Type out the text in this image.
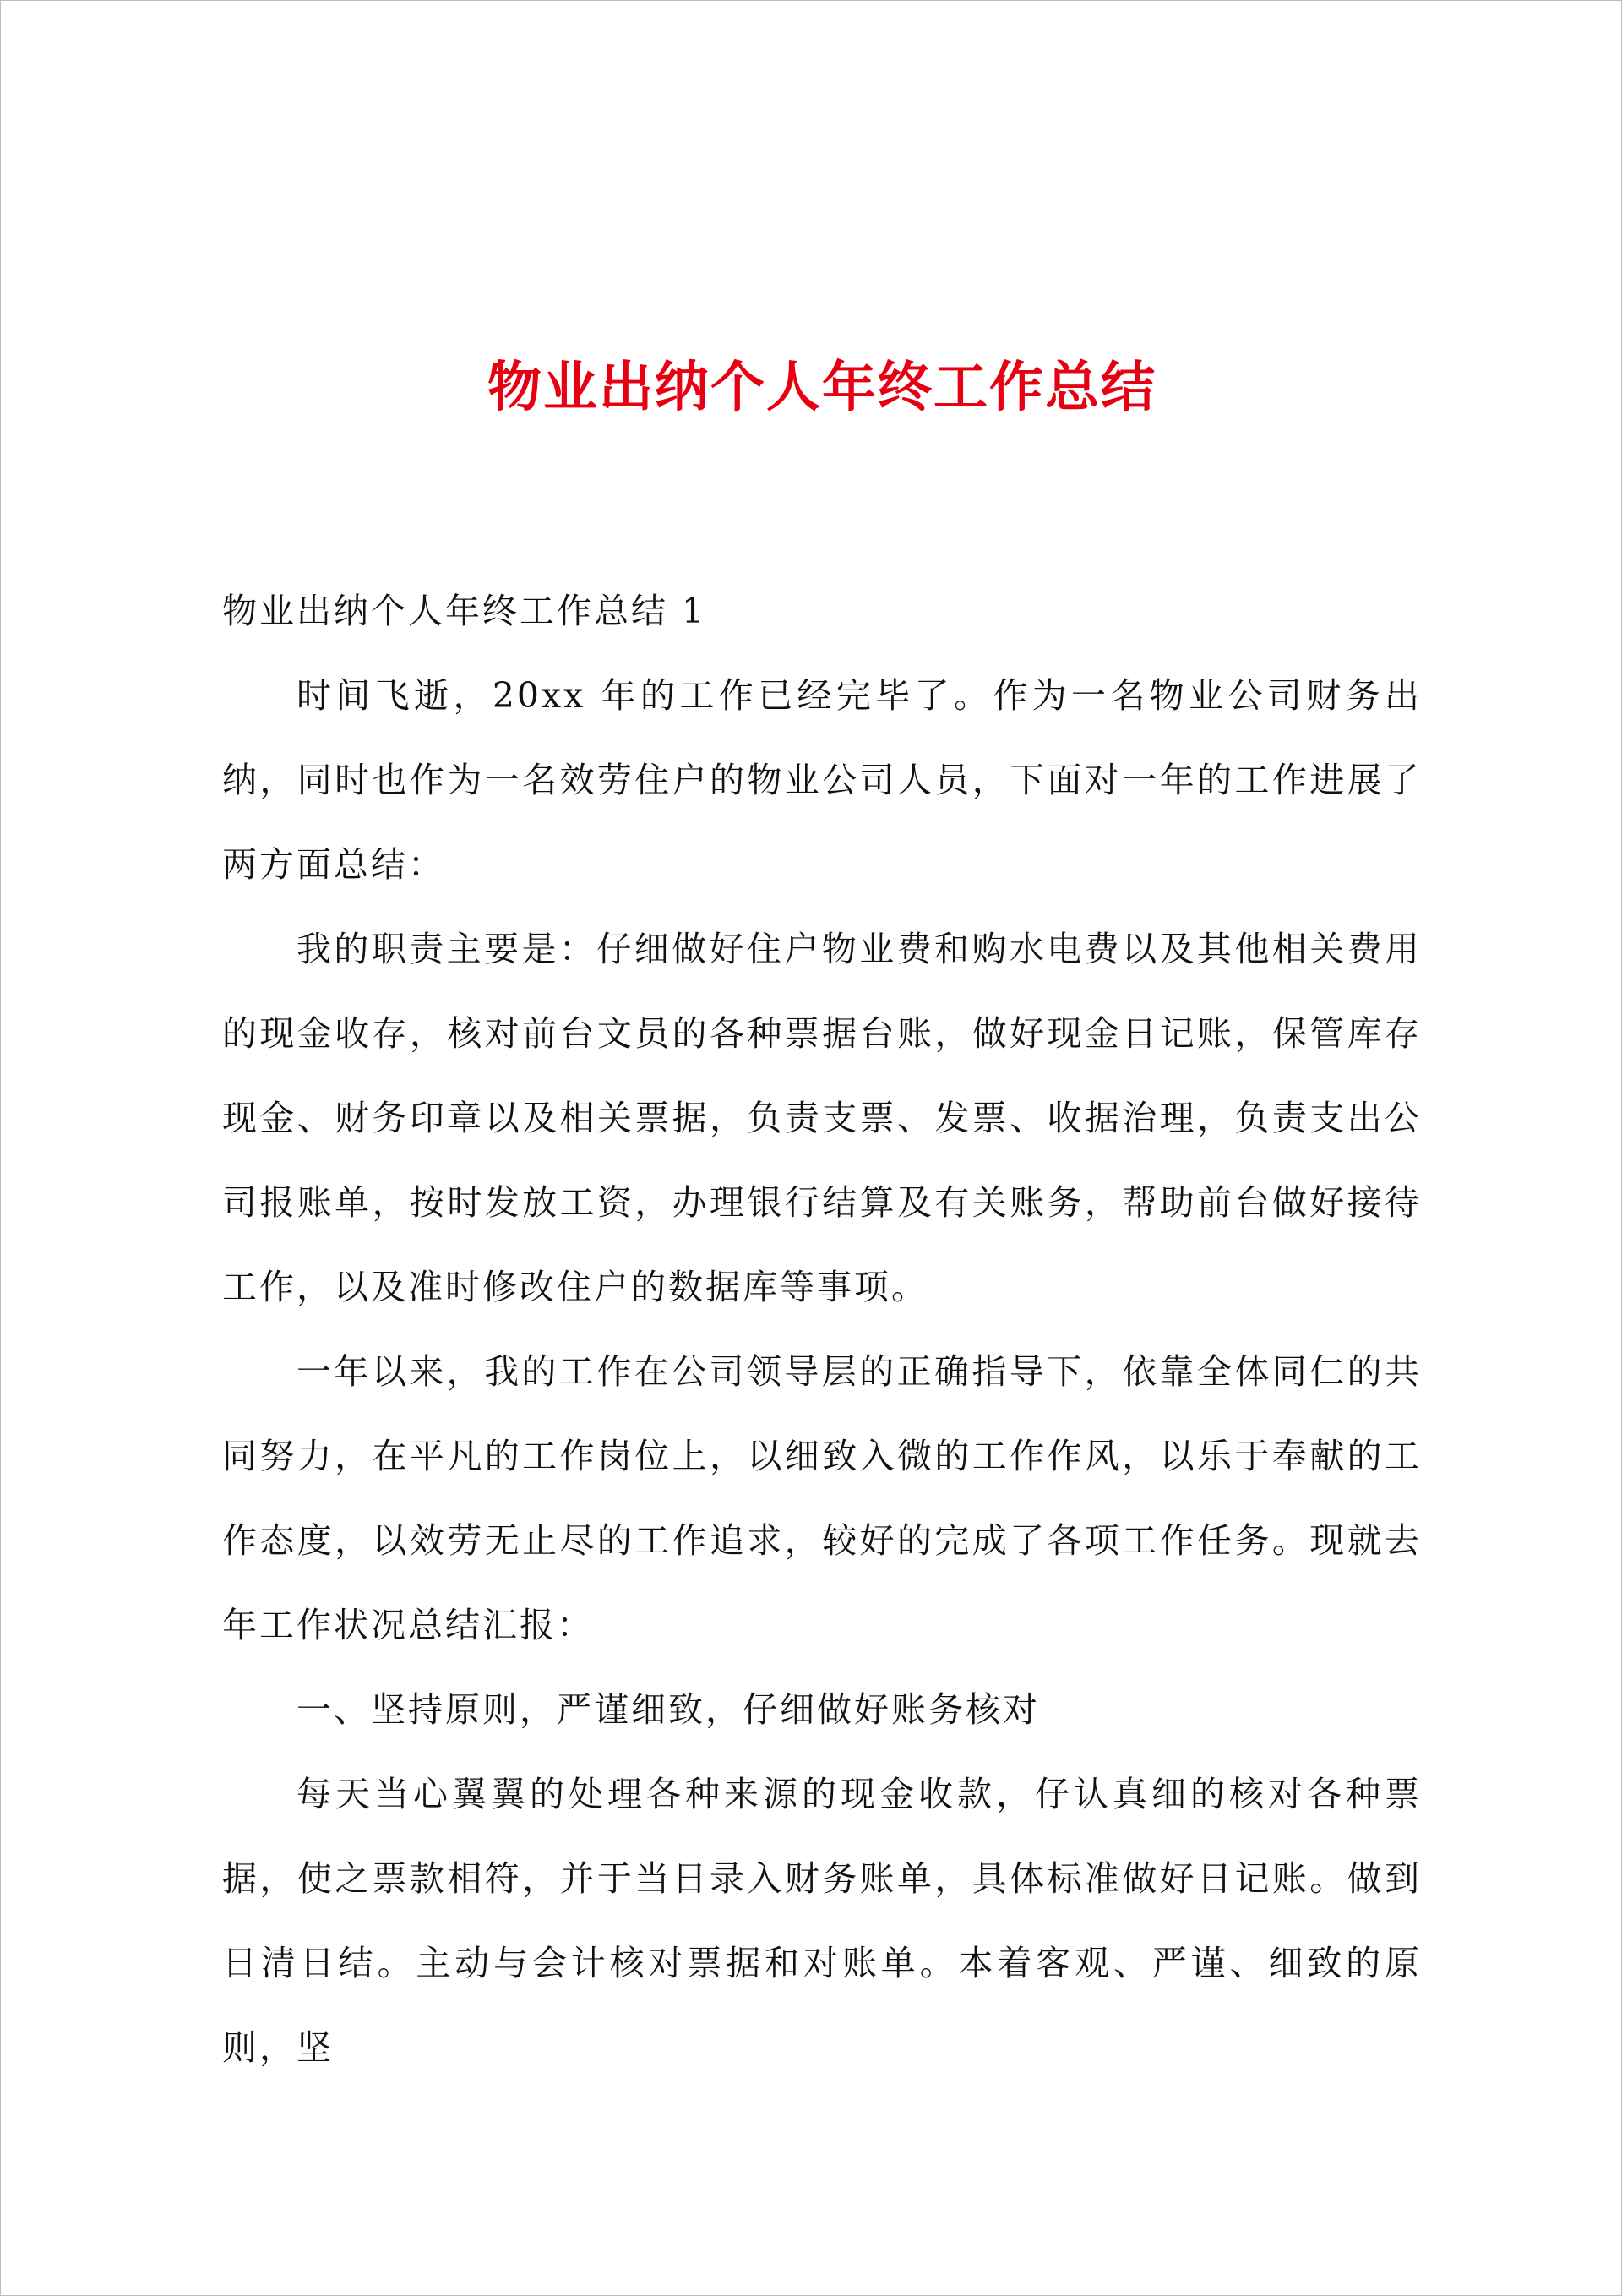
物业出纳个人年终工作总结

物业出纳个人年终工作总结 1

时间飞逝，20xx 年的工作已经完毕了。作为一名物业公司财务出纳，同时也作为一名效劳住户的物业公司人员，下面对一年的工作进展了两方面总结：

我的职责主要是：仔细做好住户物业费和购水电费以及其他相关费用的现金收存，核对前台文员的各种票据台账，做好现金日记账，保管库存现金、财务印章以及相关票据，负责支票、发票、收据治理，负责支出公司报账单，按时发放工资，办理银行结算及有关账务，帮助前台做好接待工作，以及准时修改住户的数据库等事项。

一年以来，我的工作在公司领导层的正确指导下，依靠全体同仁的共同努力，在平凡的工作岗位上，以细致入微的工作作风，以乐于奉献的工作态度，以效劳无止尽的工作追求，较好的完成了各项工作任务。现就去年工作状况总结汇报：

一、坚持原则，严谨细致，仔细做好账务核对

每天当心翼翼的处理各种来源的现金收款，仔认真细的核对各种票据，使之票款相符，并于当日录入财务账单，具体标准做好日记账。做到日清日结。主动与会计核对票据和对账单。本着客观、严谨、细致的原则，坚
